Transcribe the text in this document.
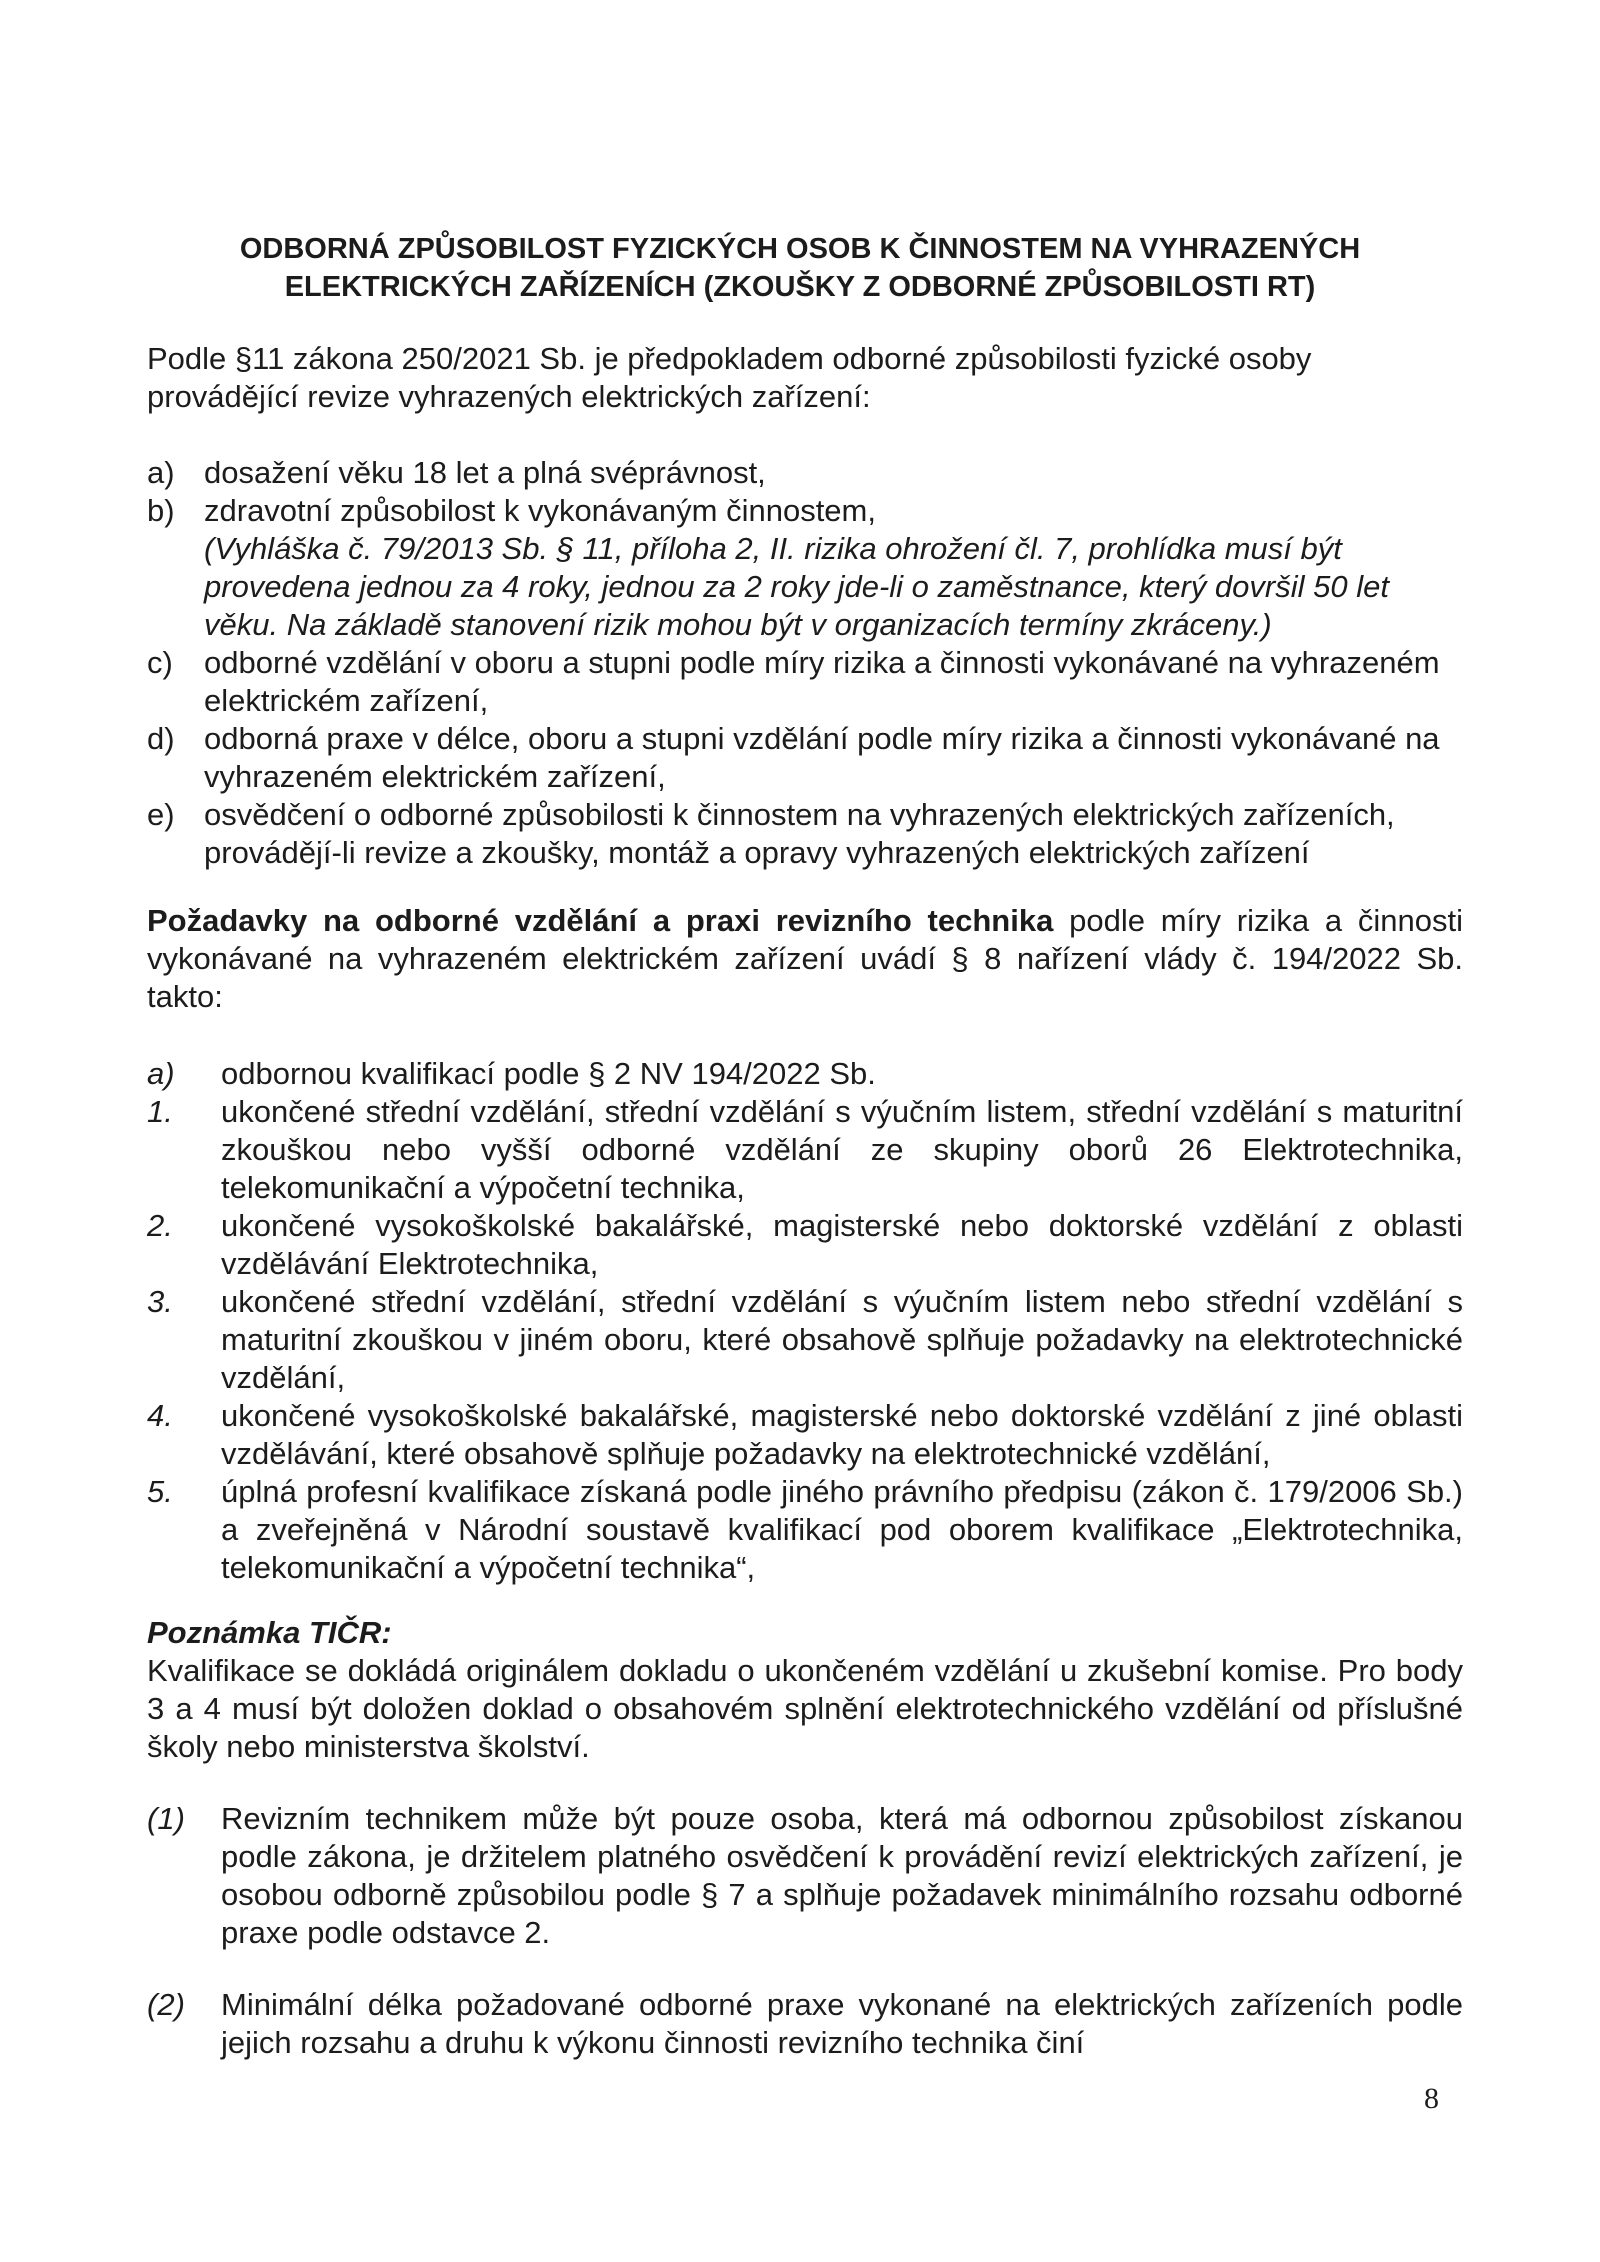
ODBORNÁ ZPŮSOBILOST FYZICKÝCH OSOB K ČINNOSTEM NA VYHRAZENÝCH
ELEKTRICKÝCH ZAŘÍZENÍCH (ZKOUŠKY Z ODBORNÉ ZPŮSOBILOSTI RT)
Podle §11 zákona 250/2021 Sb. je předpokladem odborné způsobilosti fyzické osoby provádějící revize vyhrazených elektrických zařízení:
a) dosažení věku 18 let a plná svéprávnost,
b) zdravotní způsobilost k vykonávaným činnostem,
(Vyhláška č. 79/2013 Sb. § 11, příloha 2, II. rizika ohrožení čl. 7, prohlídka musí být provedena jednou za 4 roky, jednou za 2 roky jde-li o zaměstnance, který dovršil 50 let věku. Na základě stanovení rizik mohou být v organizacích termíny zkráceny.)
c) odborné vzdělání v oboru a stupni podle míry rizika a činnosti vykonávané na vyhrazeném elektrickém zařízení,
d) odborná praxe v délce, oboru a stupni vzdělání podle míry rizika a činnosti vykonávané na vyhrazeném elektrickém zařízení,
e) osvědčení o odborné způsobilosti k činnostem na vyhrazených elektrických zařízeních, provádějí-li revize a zkoušky, montáž a opravy vyhrazených elektrických zařízení
Požadavky na odborné vzdělání a praxi revizního technika podle míry rizika a činnosti vykonávané na vyhrazeném elektrickém zařízení uvádí § 8 nařízení vlády č. 194/2022 Sb. takto:
a) odbornou kvalifikací podle § 2 NV 194/2022 Sb.
1. ukončené střední vzdělání, střední vzdělání s výučním listem, střední vzdělání s maturitní zkouškou nebo vyšší odborné vzdělání ze skupiny oborů 26 Elektrotechnika, telekomunikační a výpočetní technika,
2. ukončené vysokoškolské bakalářské, magisterské nebo doktorské vzdělání z oblasti vzdělávání Elektrotechnika,
3. ukončené střední vzdělání, střední vzdělání s výučním listem nebo střední vzdělání s maturitní zkouškou v jiném oboru, které obsahově splňuje požadavky na elektrotechnické vzdělání,
4. ukončené vysokoškolské bakalářské, magisterské nebo doktorské vzdělání z jiné oblasti vzdělávání, které obsahově splňuje požadavky na elektrotechnické vzdělání,
5. úplná profesní kvalifikace získaná podle jiného právního předpisu (zákon č. 179/2006 Sb.) a zveřejněná v Národní soustavě kvalifikací pod oborem kvalifikace „Elektrotechnika, telekomunikační a výpočetní technika“,
Poznámka TIČR:
Kvalifikace se dokládá originálem dokladu o ukončeném vzdělání u zkušební komise. Pro body 3 a 4 musí být doložen doklad o obsahovém splnění elektrotechnického vzdělání od příslušné školy nebo ministerstva školství.
(1) Revizním technikem může být pouze osoba, která má odbornou způsobilost získanou podle zákona, je držitelem platného osvědčení k provádění revizí elektrických zařízení, je osobou odborně způsobilou podle § 7 a splňuje požadavek minimálního rozsahu odborné praxe podle odstavce 2.
(2) Minimální délka požadované odborné praxe vykonané na elektrických zařízeních podle jejich rozsahu a druhu k výkonu činnosti revizního technika činí
8
